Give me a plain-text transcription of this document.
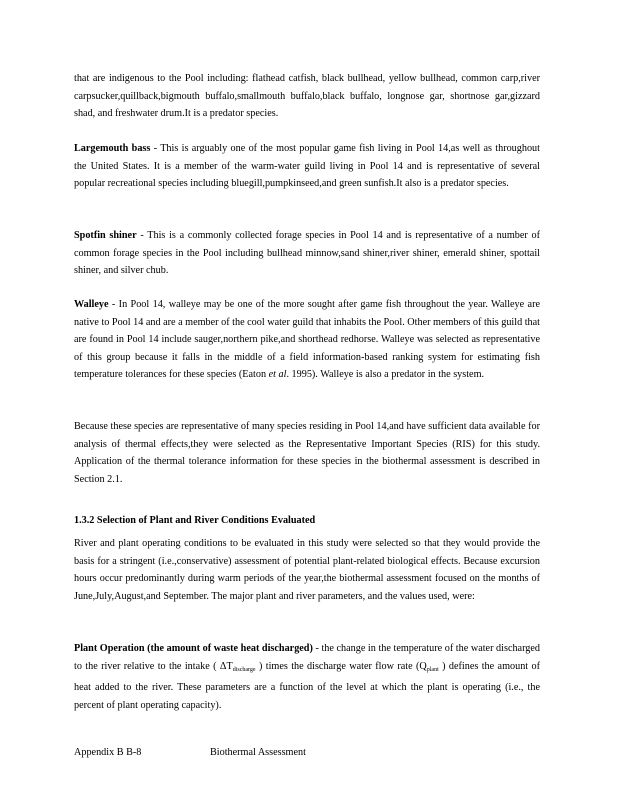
that are indigenous to the Pool including: flathead catfish, black bullhead, yellow bullhead, common carp,river carpsucker,quillback,bigmouth buffalo,smallmouth buffalo,black buffalo, longnose gar, shortnose gar,gizzard shad, and freshwater drum.It is a predator species.

Largemouth bass - This is arguably one of the most popular game fish living in Pool 14,as well as throughout the United States. It is a member of the warm-water guild living in Pool 14 and is representative of several popular recreational species including bluegill,pumpkinseed,and green sunfish.It also is a predator species.

Spotfin shiner - This is a commonly collected forage species in Pool 14 and is representative of a number of common forage species in the Pool including bullhead minnow,sand shiner,river shiner, emerald shiner, spottail shiner, and silver chub.

Walleye - In Pool 14, walleye may be one of the more sought after game fish throughout the year. Walleye are native to Pool 14 and are a member of the cool water guild that inhabits the Pool. Other members of this guild that are found in Pool 14 include sauger,northern pike,and shorthead redhorse. Walleye was selected as representative of this group because it falls in the middle of a field information-based ranking system for estimating fish temperature tolerances for these species (Eaton et al. 1995). Walleye is also a predator in the system.

Because these species are representative of many species residing in Pool 14,and have sufficient data available for analysis of thermal effects,they were selected as the Representative Important Species (RIS) for this study. Application of the thermal tolerance information for these species in the biothermal assessment is described in Section 2.1.

1.3.2 Selection of Plant and River Conditions Evaluated

River and plant operating conditions to be evaluated in this study were selected so that they would provide the basis for a stringent (i.e.,conservative) assessment of potential plant-related biological effects. Because excursion hours occur predominantly during warm periods of the year,the biothermal assessment focused on the months of June,July,August,and September. The major plant and river parameters, and the values used, were:

Plant Operation (the amount of waste heat discharged) - the change in the temperature of the water discharged to the river relative to the intake ( $\Delta T_{discharge}$ ) times the discharge water flow rate ($Q_{plant}$ ) defines the amount of heat added to the river. These parameters are a function of the level at which the plant is operating (i.e., the percent of plant operating capacity).

Appendix B B-8	Biothermal Assessment
